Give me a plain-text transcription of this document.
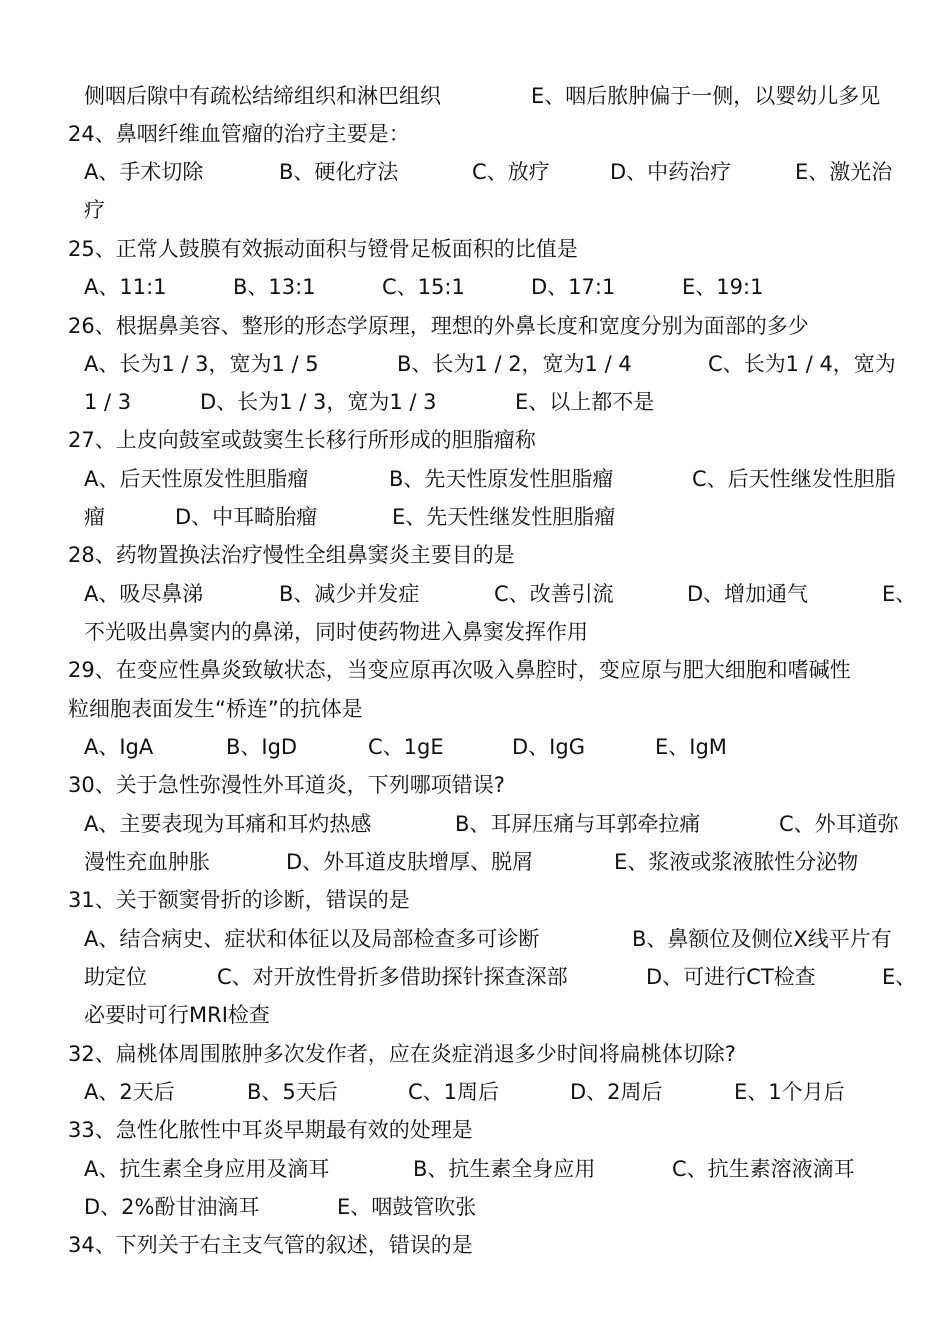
侧咽后隙中有疏松结缔组织和淋巴组织	E、咽后脓肿偏于一侧，以婴幼儿多见
24、鼻咽纤维血管瘤的治疗主要是：
A、手术切除	B、硬化疗法	C、放疗	D、中药治疗	E、激光治
疗
25、正常人鼓膜有效振动面积与镫骨足板面积的比值是
A、11:1	B、13:1	C、15:1	D、17:1	E、19:1
26、根据鼻美容、整形的形态学原理，理想的外鼻长度和宽度分别为面部的多少
A、长为1 / 3，宽为1 / 5	B、长为1 / 2，宽为1 / 4	C、长为1 / 4，宽为
1 / 3	D、长为1 / 3，宽为1 / 3	E、以上都不是
27、上皮向鼓室或鼓窦生长移行所形成的胆脂瘤称
A、后天性原发性胆脂瘤	B、先天性原发性胆脂瘤	C、后天性继发性胆脂
瘤	D、中耳畸胎瘤	E、先天性继发性胆脂瘤
28、药物置换法治疗慢性全组鼻窦炎主要目的是
A、吸尽鼻涕	B、减少并发症	C、改善引流	D、增加通气	E、
不光吸出鼻窦内的鼻涕，同时使药物进入鼻窦发挥作用
29、在变应性鼻炎致敏状态，当变应原再次吸入鼻腔时，变应原与肥大细胞和嗜碱性
粒细胞表面发生“桥连”的抗体是
A、IgA	B、IgD	C、1gE	D、IgG	E、IgM
30、关于急性弥漫性外耳道炎，下列哪项错误?
A、主要表现为耳痛和耳灼热感	B、耳屏压痛与耳郭牵拉痛	C、外耳道弥
漫性充血肿胀	D、外耳道皮肤增厚、脱屑	E、浆液或浆液脓性分泌物
31、关于额窦骨折的诊断，错误的是
A、结合病史、症状和体征以及局部检查多可诊断	B、鼻额位及侧位X线平片有
助定位	C、对开放性骨折多借助探针探查深部	D、可进行CT检查	E、
必要时可行MRI检查
32、扁桃体周围脓肿多次发作者，应在炎症消退多少时间将扁桃体切除?
A、2天后	B、5天后	C、1周后	D、2周后	E、1个月后
33、急性化脓性中耳炎早期最有效的处理是
A、抗生素全身应用及滴耳	B、抗生素全身应用	C、抗生素溶液滴耳
D、2%酚甘油滴耳	E、咽鼓管吹张
34、下列关于右主支气管的叙述，错误的是
